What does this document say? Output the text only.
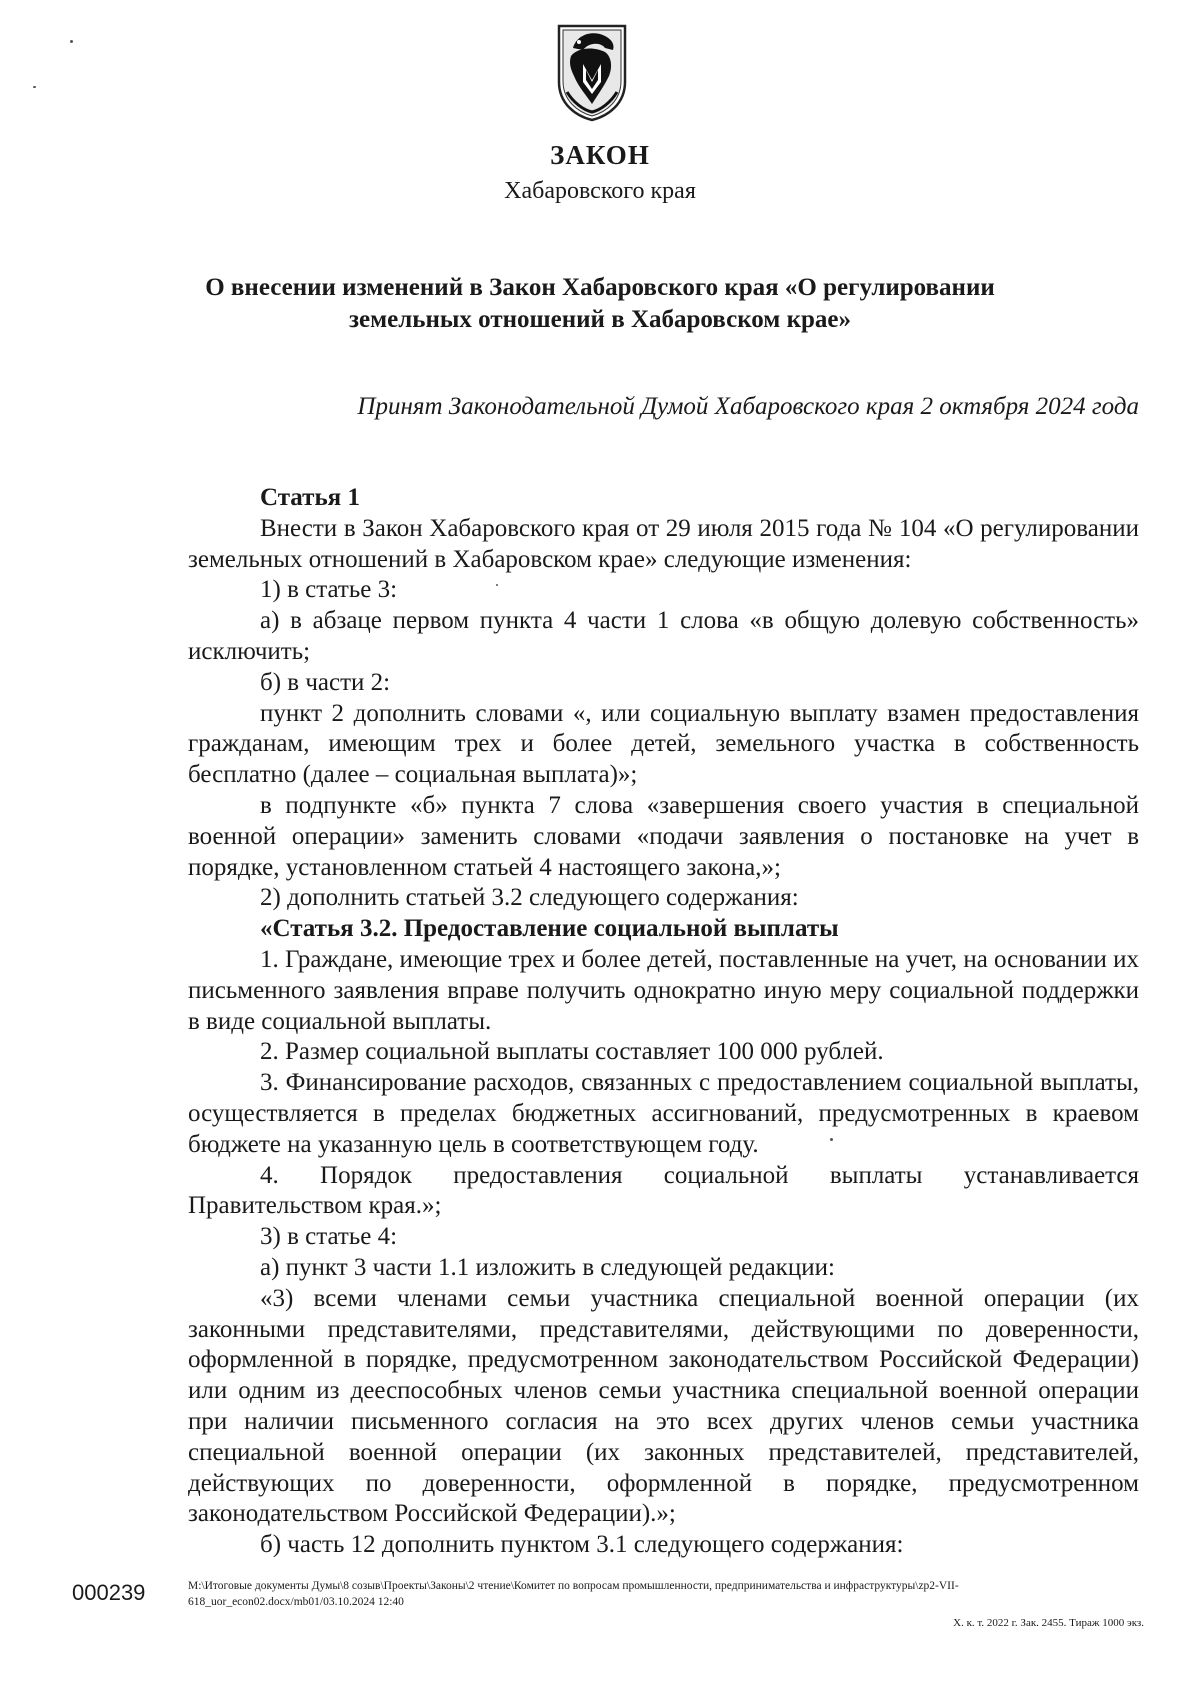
ЗАКОН
Хабаровского края
О внесении изменений в Закон Хабаровского края «О регулировании
земельных отношений в Хабаровском крае»
Принят Законодательной Думой Хабаровского края 2 октября 2024 года

Статья 1

Внести в Закон Хабаровского края от 29 июля 2015 года № 104 «О регулировании земельных отношений в Хабаровском крае» следующие изменения:

1) в статье 3:

а) в абзаце первом пункта 4 части 1 слова «в общую долевую собственность» исключить;

б) в части 2:

пункт 2 дополнить словами «, или социальную выплату взамен предоставления гражданам, имеющим трех и более детей, земельного участка в собственность бесплатно (далее – социальная выплата)»;

в подпункте «б» пункта 7 слова «завершения своего участия в специальной военной операции» заменить словами «подачи заявления о постановке на учет в порядке, установленном статьей 4 настоящего закона,»;

2) дополнить статьей 3.2 следующего содержания:

«Статья 3.2. Предоставление социальной выплаты

1. Граждане, имеющие трех и более детей, поставленные на учет, на основании их письменного заявления вправе получить однократно иную меру социальной поддержки в виде социальной выплаты.

2. Размер социальной выплаты составляет 100 000 рублей.

3. Финансирование расходов, связанных с предоставлением социальной выплаты, осуществляется в пределах бюджетных ассигнований, предусмотренных в краевом бюджете на указанную цель в соответствующем году.

4. Порядок предоставления социальной выплаты устанавливается Правительством края.»;

3) в статье 4:

а) пункт 3 части 1.1 изложить в следующей редакции:

«3) всеми членами семьи участника специальной военной операции (их законными представителями, представителями, действующими по доверенности, оформленной в порядке, предусмотренном законодательством Российской Федерации) или одним из дееспособных членов семьи участника специальной военной операции при наличии письменного согласия на это всех других членов семьи участника специальной военной операции (их законных представителей, представителей, действующих по доверенности, оформленной в порядке, предусмотренном законодательством Российской Федерации).»;

б) часть 12 дополнить пунктом 3.1 следующего содержания:

000239	M:\Итоговые документы Думы\8 созыв\Проекты\Законы\2 чтение\Комитет по вопросам промышленности, предпринимательства и инфраструктуры\zp2-VII-618_uor_econ02.docx/mb01/03.10.2024 12:40
Х. к. т. 2022 г. Зак. 2455. Тираж 1000 экз.
